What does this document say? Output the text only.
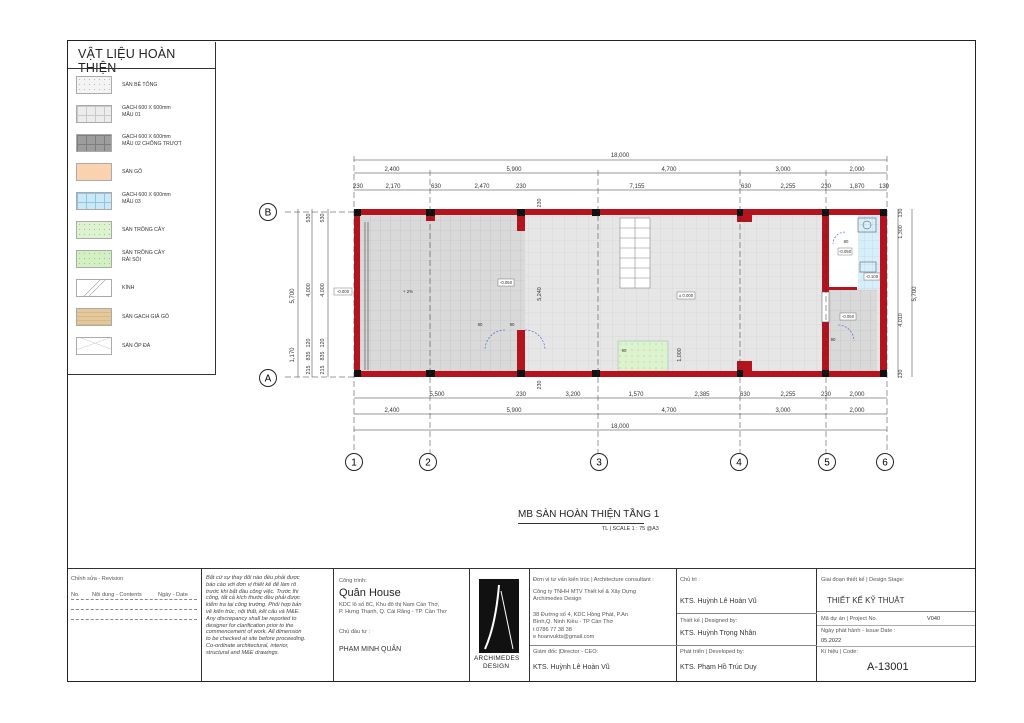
VẬT LIỆU HOÀN THIỆN
SÀN BÊ TÔNG
GẠCH 600 X 600mm
MẪU 01
GẠCH 600 X 600mm
MẪU 02 CHỐNG TRƯỢT
SÀN GỖ
GẠCH 600 X 600mm
MẪU 03
SÀN TRỒNG CÂY
SÀN TRỒNG CÂY
RẢI SỎI
KÍNH
SÀN GẠCH GIẢ GỖ
SÀN ỐP ĐÁ
18,000
2,400	5,900	4,700	3,000	2,000
230	2,170	630	2,470	230	7,155	630	2,255	230	1,870 130
5,500	230	3,200	1,570	2,385	630	2,255	230	2,000
2,400	5,900	4,700	3,000	2,000
18,000
5,700
1,170
530
4,000
120
835
215
530
4,000
120
835
215
130
1,300
4,010
130
5,700
5,240
1,000
230
230
B
A
1	2	3	4	5	6
-0.000	+ 2%
-0.050
± 0.000
-0.050
-0.100
-0.050
90	90
90
90
90
MB SÀN HOÀN THIỆN TẦNG 1
TL | SCALE 1 : 75 @A3
Chỉnh sửa - Revision
No. Nội dung - Contents	Ngày - Date
Bất cứ sự thay đổi nào đều phải được
báo cáo với đơn vị thiết kế để làm rõ
trước khi bắt đầu công việc. Trước thi
công, tất cả kích thước đều phải được
kiểm tra tại công trường. Phối hợp bản
vẽ kiến trúc, nội thất, kết cấu và M&E.
Any discrepancy shall be reported to
designer for clarification prior to the
commencement of work. All dimension
to be checked at site before proceeding.
Co-ordinate architectural, interior,
structural and M&E drawings.
Công trình:
Quân House
KDC lô số 8C, Khu đô thị Nam Cần Thơ,
P. Hưng Thạnh, Q. Cái Răng - TP. Cần Thơ
Chủ đầu tư :
PHẠM MINH QUÂN
ARCHIMEDES
DESIGN
Đơn vị tư vấn kiến trúc | Architecture consultant :
Công ty TNHH MTV Thiết kế & Xây Dựng
Archimedes Design
38 Đường số 4, KDC Hồng Phát, P.An
Bình,Q. Ninh Kiều - TP Cần Thơ
t 0786 77 38 38
e hoanvukts@gmail.com
Giám đốc |Director - CEO:
KTS. Huỳnh Lê Hoàn Vũ
Chủ trì :
KTS. Huỳnh Lê Hoàn Vũ
Thiết kế | Designed by:
KTS. Huỳnh Trọng Nhân
Phát triển | Developed by:
KTS. Phạm Hồ Trúc Duy
Giai đoạn thiết kế | Design Stage:
THIẾT KẾ KỸ THUẬT
Mã dự án | Project No.	V040
Ngày phát hành - Issue Date :
05.2022
Kí hiệu | Code:
A-13001
